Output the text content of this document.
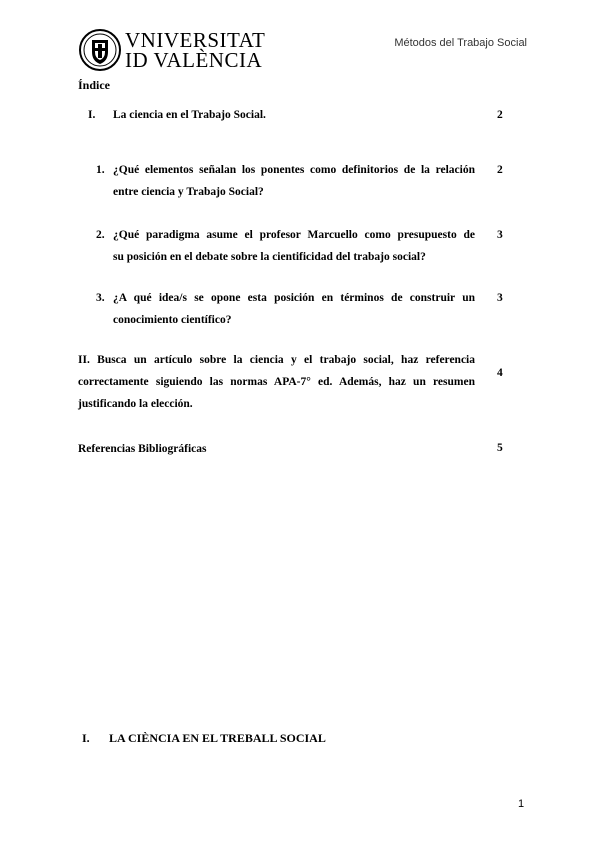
VNIVERSITAT
ID VALÈNCIA
Métodos del Trabajo Social
Índice
I. La ciencia en el Trabajo Social.	2
1. ¿Qué elementos señalan los ponentes como definitorios de la relación
entre ciencia y Trabajo Social?
2
2. ¿Qué paradigma asume el profesor Marcuello como presupuesto de
su posición en el debate sobre la cientificidad del trabajo social?
3
3. ¿A qué idea/s se opone esta posición en términos de construir un
conocimiento científico?
3
II. Busca un artículo sobre la ciencia y el trabajo social, haz referencia
correctamente siguiendo las normas APA-7° ed. Además, haz un resumen
justificando la elección.
4
Referencias Bibliográficas	5
I. LA CIÈNCIA EN EL TREBALL SOCIAL
1
